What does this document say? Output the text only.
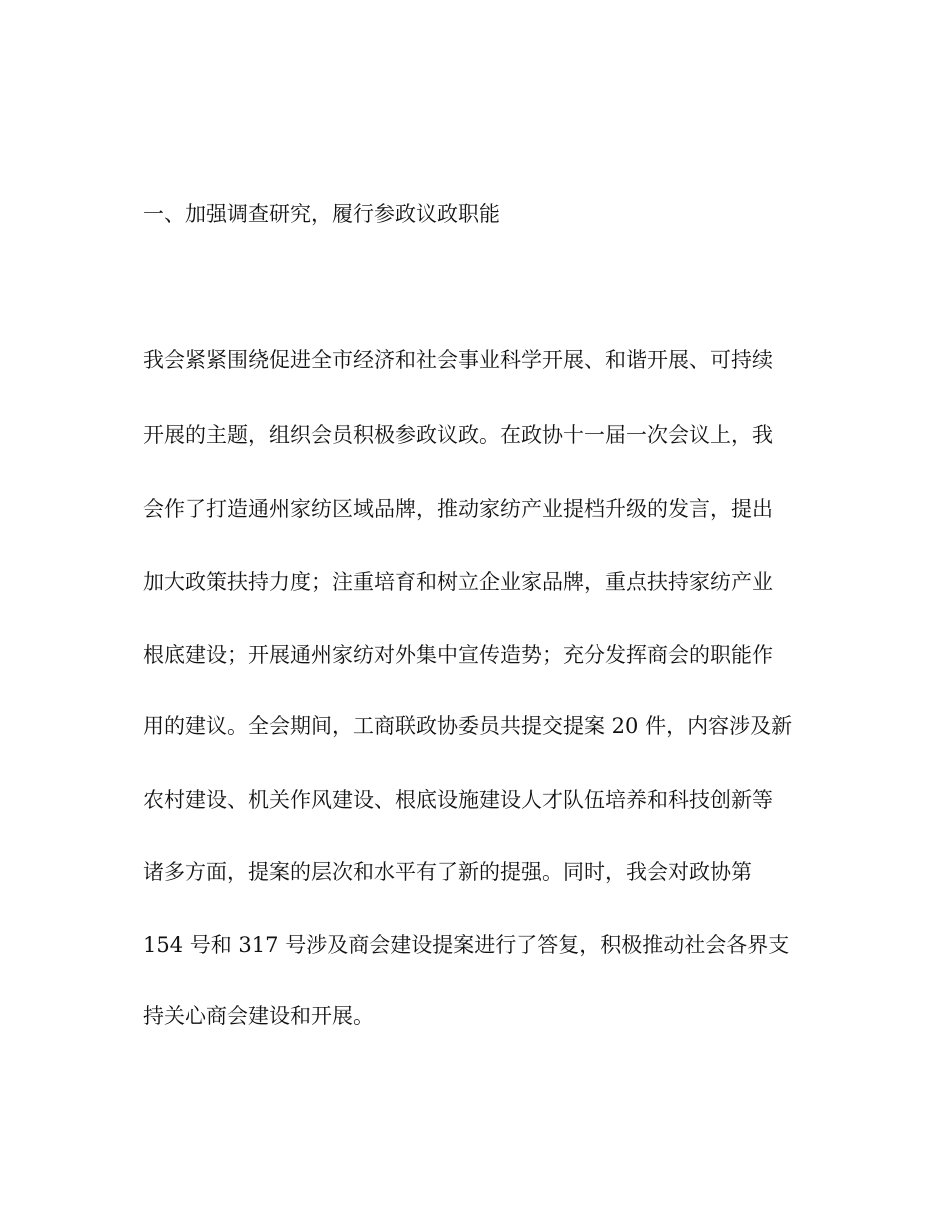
一、加强调查研究，履行参政议政职能
我会紧紧围绕促进全市经济和社会事业科学开展、和谐开展、可持续
开展的主题，组织会员积极参政议政。在政协十一届一次会议上，我
会作了打造通州家纺区域品牌，推动家纺产业提档升级的发言，提出
加大政策扶持力度；注重培育和树立企业家品牌，重点扶持家纺产业
根底建设；开展通州家纺对外集中宣传造势；充分发挥商会的职能作
用的建议。全会期间，工商联政协委员共提交提案 20 件，内容涉及新
农村建设、机关作风建设、根底设施建设人才队伍培养和科技创新等
诸多方面，提案的层次和水平有了新的提强。同时，我会对政协第
154 号和 317 号涉及商会建设提案进行了答复，积极推动社会各界支
持关心商会建设和开展。
